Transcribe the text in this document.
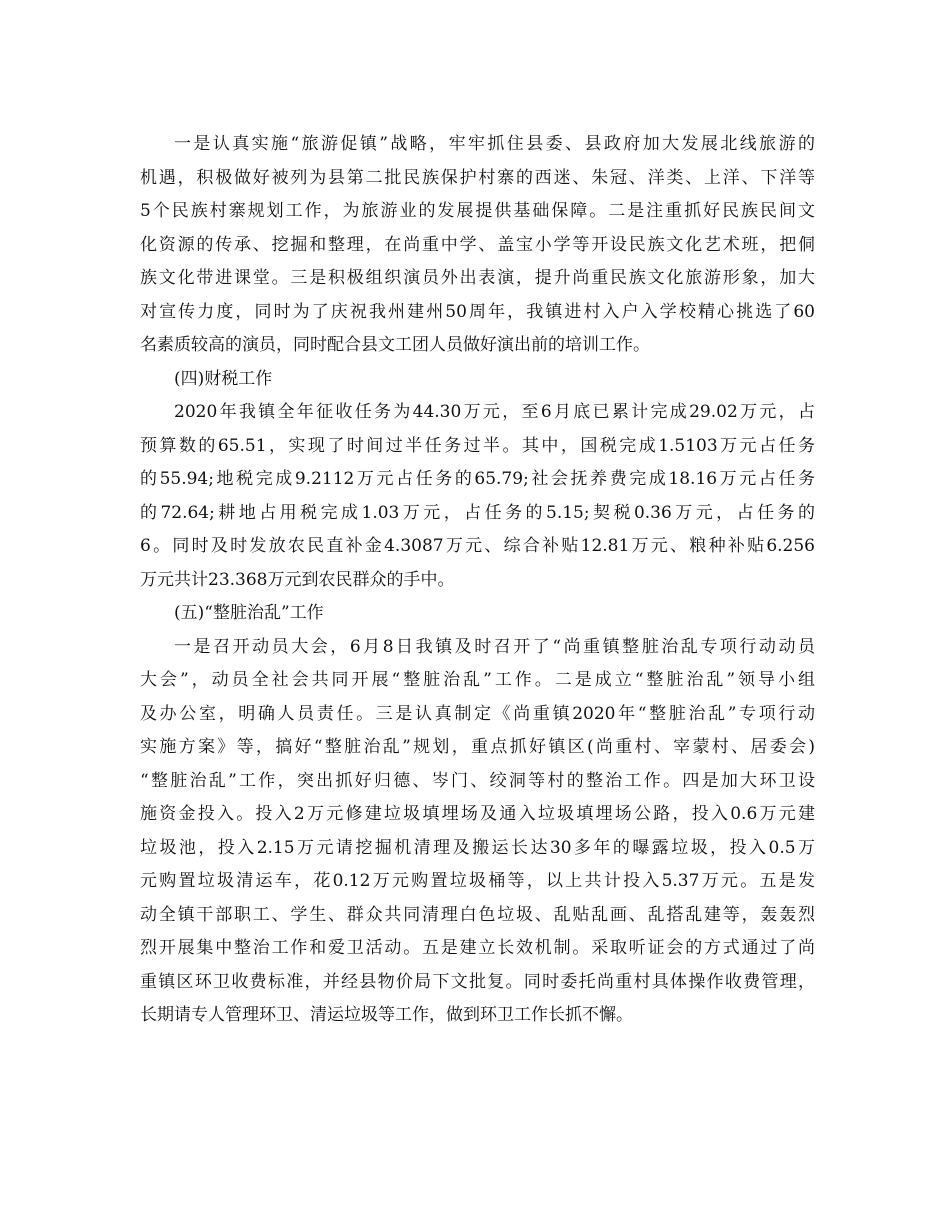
一是认真实施“旅游促镇”战略，牢牢抓住县委、县政府加大发展北线旅游的
机遇，积极做好被列为县第二批民族保护村寨的西迷、朱冠、洋类、上洋、下洋等
5个民族村寨规划工作，为旅游业的发展提供基础保障。二是注重抓好民族民间文
化资源的传承、挖掘和整理，在尚重中学、盖宝小学等开设民族文化艺术班，把侗
族文化带进课堂。三是积极组织演员外出表演，提升尚重民族文化旅游形象，加大
对宣传力度，同时为了庆祝我州建州50周年，我镇进村入户入学校精心挑选了60
名素质较高的演员，同时配合县文工团人员做好演出前的培训工作。
(四)财税工作
2020年我镇全年征收任务为44.30万元，至6月底已累计完成29.02万元，占
预算数的65.51，实现了时间过半任务过半。其中，国税完成1.5103万元占任务
的55.94;地税完成9.2112万元占任务的65.79;社会抚养费完成18.16万元占任务
的72.64;耕地占用税完成1.03万元，占任务的5.15;契税0.36万元，占任务的
6。同时及时发放农民直补金4.3087万元、综合补贴12.81万元、粮种补贴6.256
万元共计23.368万元到农民群众的手中。
(五)“整脏治乱”工作
一是召开动员大会，6月8日我镇及时召开了“尚重镇整脏治乱专项行动动员
大会”，动员全社会共同开展“整脏治乱”工作。二是成立“整脏治乱”领导小组
及办公室，明确人员责任。三是认真制定《尚重镇2020年“整脏治乱”专项行动
实施方案》等，搞好“整脏治乱”规划，重点抓好镇区(尚重村、宰蒙村、居委会)
“整脏治乱”工作，突出抓好归德、岑门、绞洞等村的整治工作。四是加大环卫设
施资金投入。投入2万元修建垃圾填埋场及通入垃圾填埋场公路，投入0.6万元建
垃圾池，投入2.15万元请挖掘机清理及搬运长达30多年的曝露垃圾，投入0.5万
元购置垃圾清运车，花0.12万元购置垃圾桶等，以上共计投入5.37万元。五是发
动全镇干部职工、学生、群众共同清理白色垃圾、乱贴乱画、乱搭乱建等，轰轰烈
烈开展集中整治工作和爱卫活动。五是建立长效机制。采取听证会的方式通过了尚
重镇区环卫收费标准，并经县物价局下文批复。同时委托尚重村具体操作收费管理，
长期请专人管理环卫、清运垃圾等工作，做到环卫工作长抓不懈。
